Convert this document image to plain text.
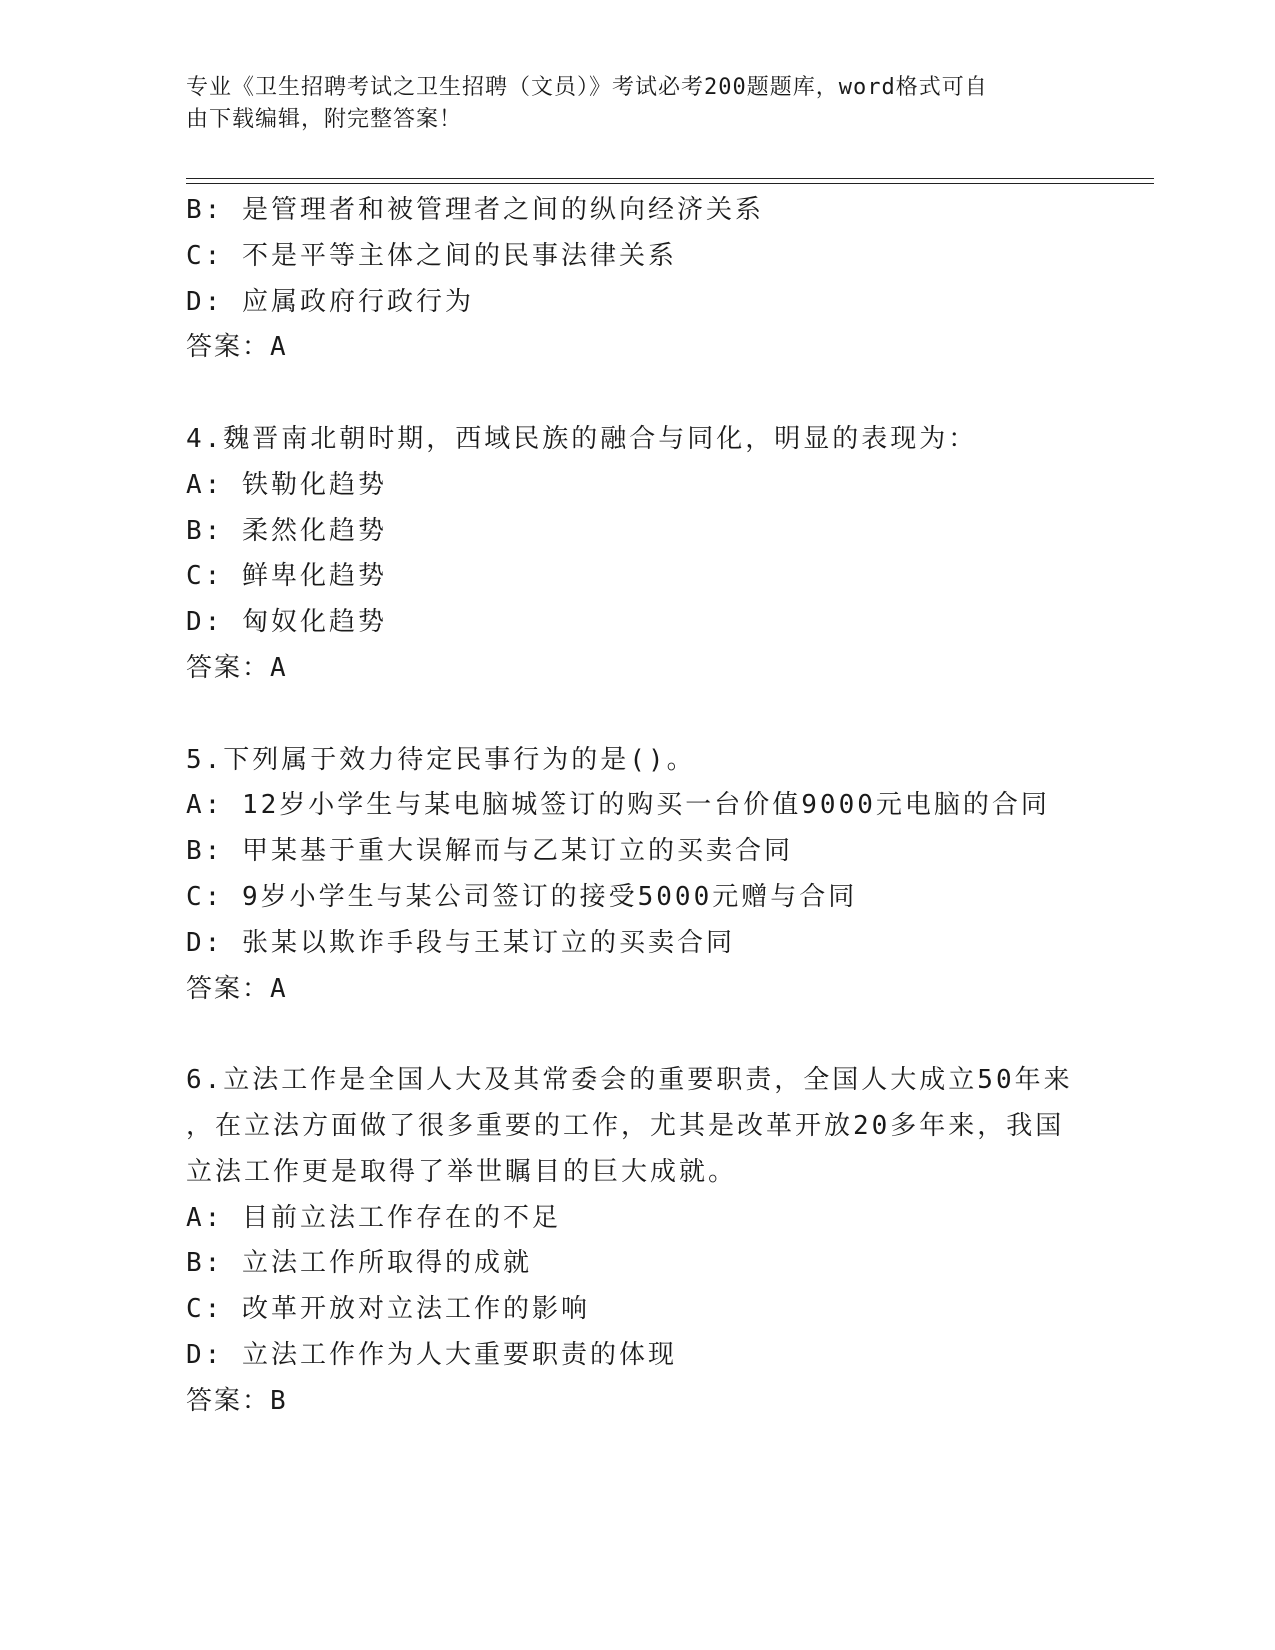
专业《卫生招聘考试之卫生招聘（文员）》考试必考200题题库，word格式可自
由下载编辑，附完整答案！
B: 是管理者和被管理者之间的纵向经济关系
C: 不是平等主体之间的民事法律关系
D: 应属政府行政行为
答案：A
4.魏晋南北朝时期，西域民族的融合与同化，明显的表现为：
A: 铁勒化趋势
B: 柔然化趋势
C: 鲜卑化趋势
D: 匈奴化趋势
答案：A
5.下列属于效力待定民事行为的是()。
A: 12岁小学生与某电脑城签订的购买一台价值9000元电脑的合同
B: 甲某基于重大误解而与乙某订立的买卖合同
C: 9岁小学生与某公司签订的接受5000元赠与合同
D: 张某以欺诈手段与王某订立的买卖合同
答案：A
6.立法工作是全国人大及其常委会的重要职责，全国人大成立50年来
，在立法方面做了很多重要的工作，尤其是改革开放20多年来，我国
立法工作更是取得了举世瞩目的巨大成就。
A: 目前立法工作存在的不足
B: 立法工作所取得的成就
C: 改革开放对立法工作的影响
D: 立法工作作为人大重要职责的体现
答案：B
